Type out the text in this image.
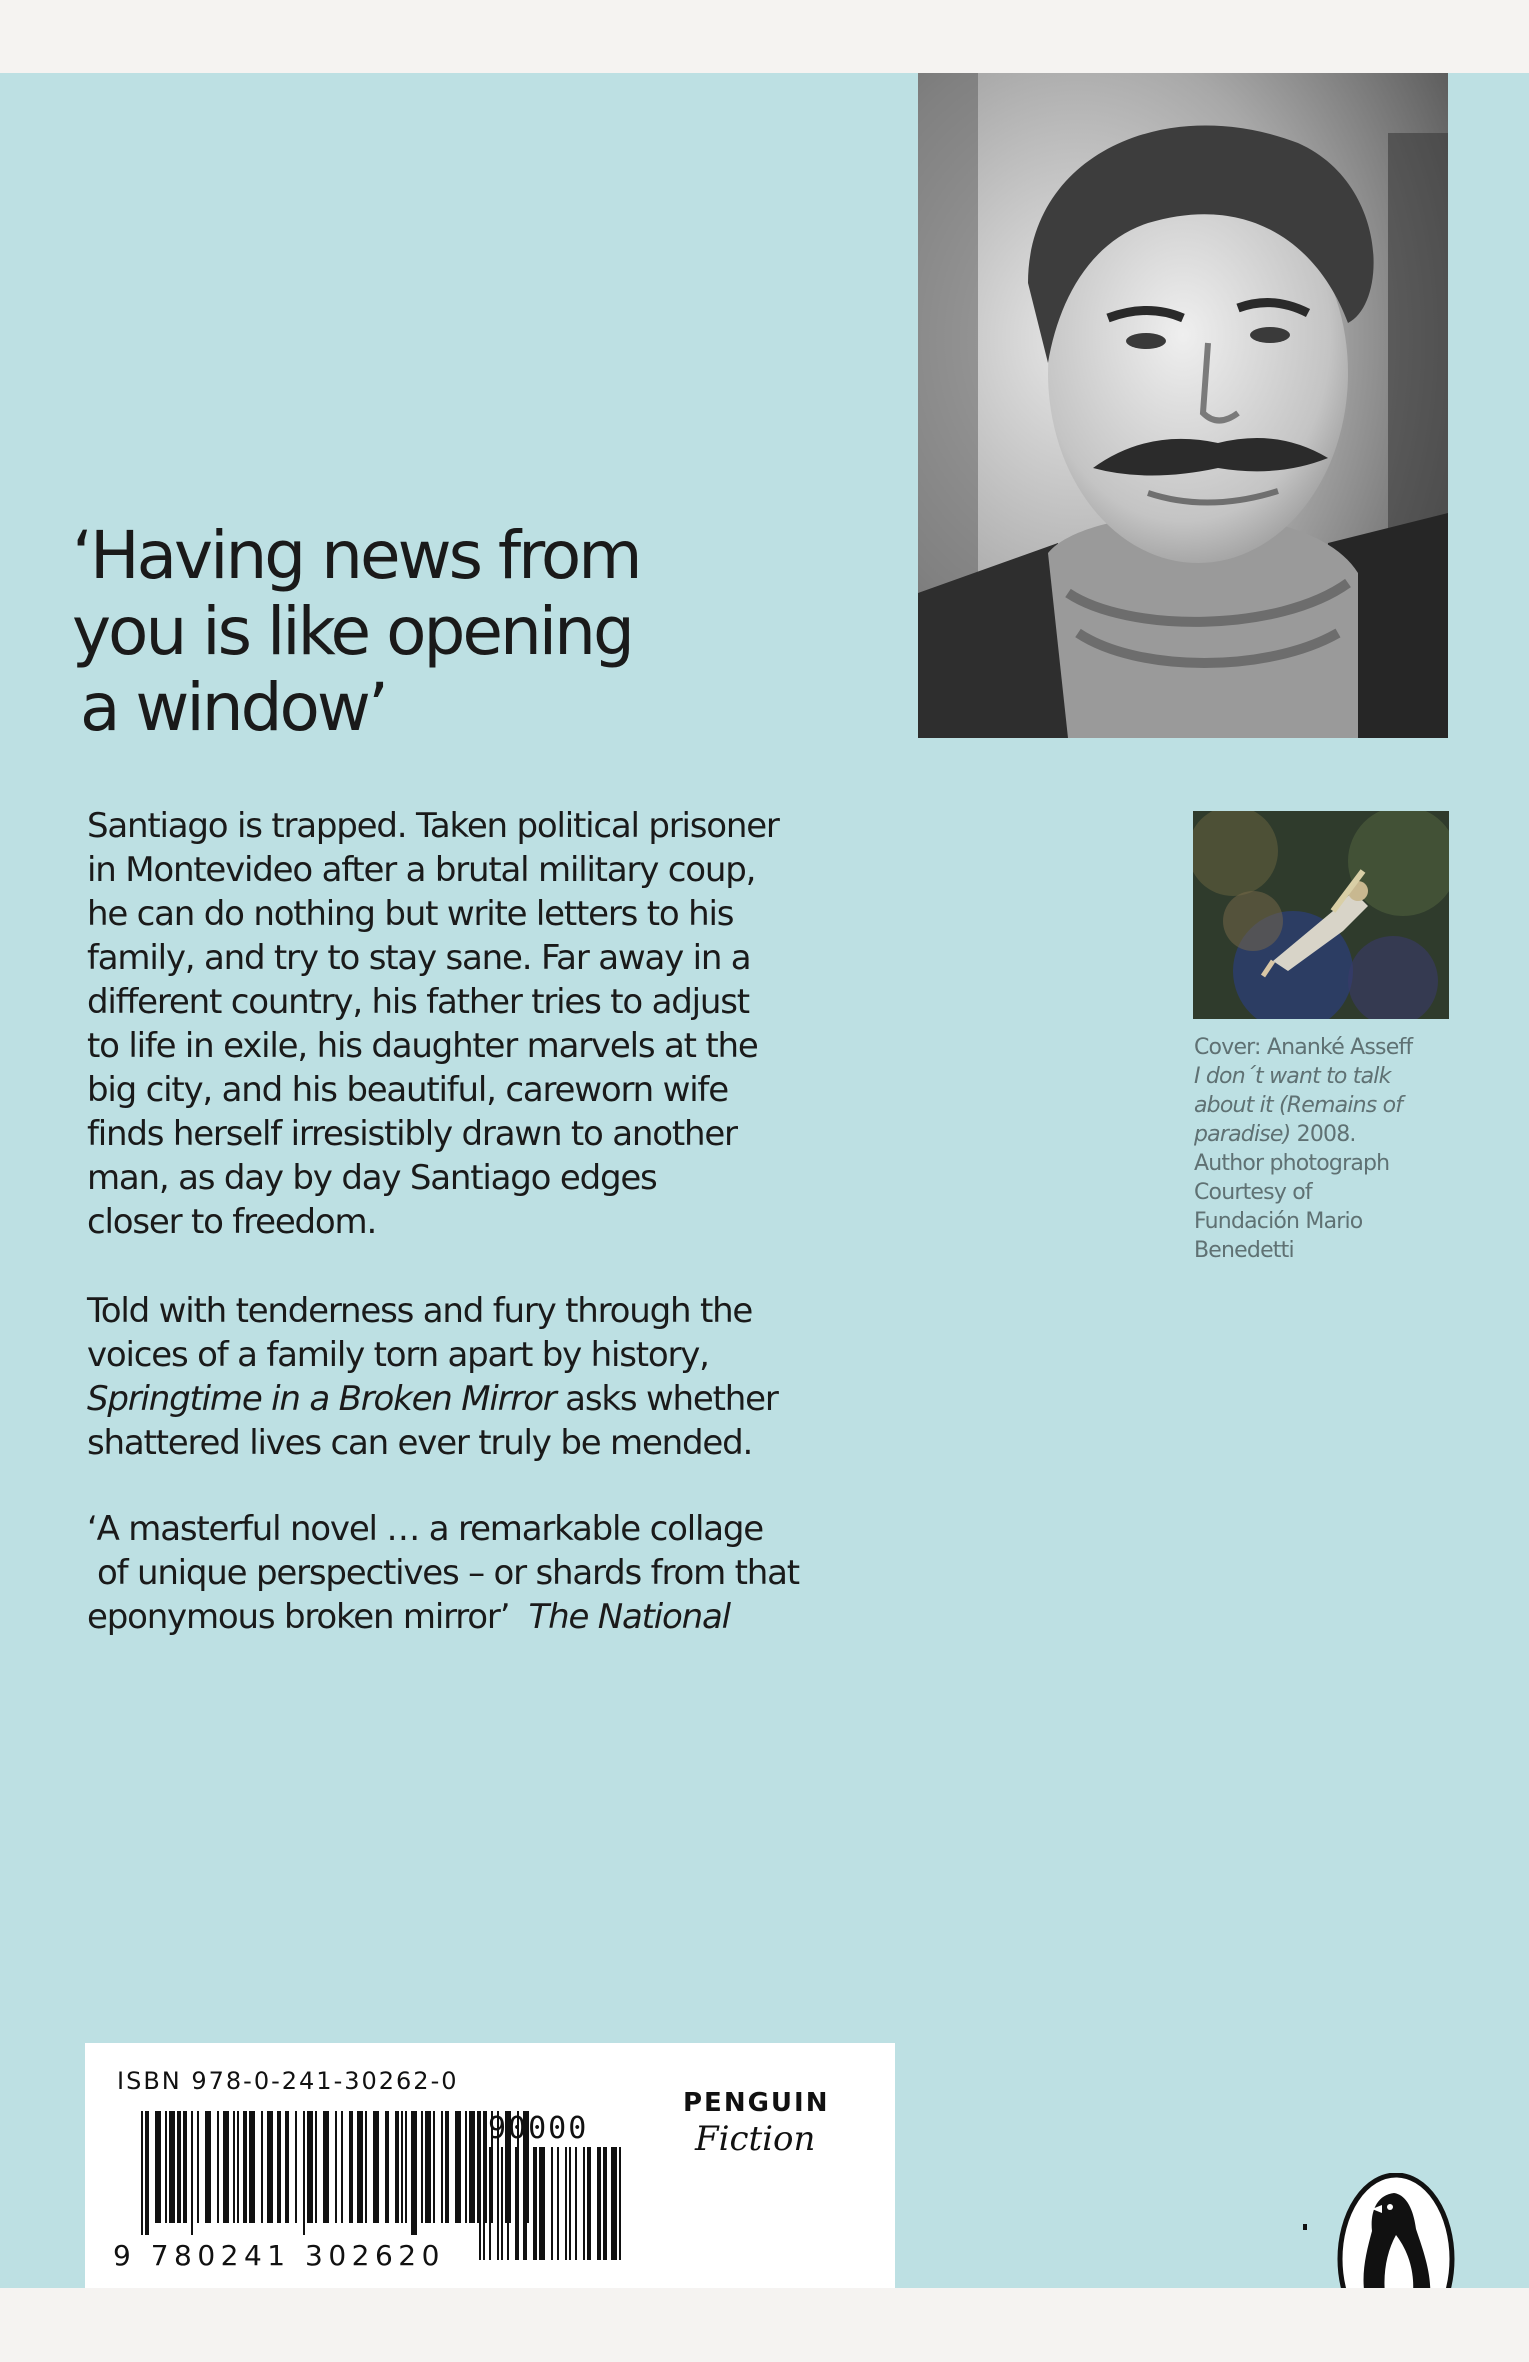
‘Having news from
you is like opening
a window’
Santiago is trapped. Taken political prisoner
in Montevideo after a brutal military coup,
he can do nothing but write letters to his
family, and try to stay sane. Far away in a
different country, his father tries to adjust
to life in exile, his daughter marvels at the
big city, and his beautiful, careworn wife
finds herself irresistibly drawn to another
man, as day by day Santiago edges
closer to freedom.
Told with tenderness and fury through the
voices of a family torn apart by history,
Springtime in a Broken Mirror asks whether
shattered lives can ever truly be mended.
‘A masterful novel … a remarkable collage
of unique perspectives – or shards from that
eponymous broken mirror’ The National
Cover: Ananké Asseff
I don´t want to talk
about it (Remains of
paradise) 2008.
Author photograph
Courtesy of
Fundación Mario
Benedetti
ISBN 978-0-241-30262-0
90000
9 780241 302620
PENGUIN
Fiction
